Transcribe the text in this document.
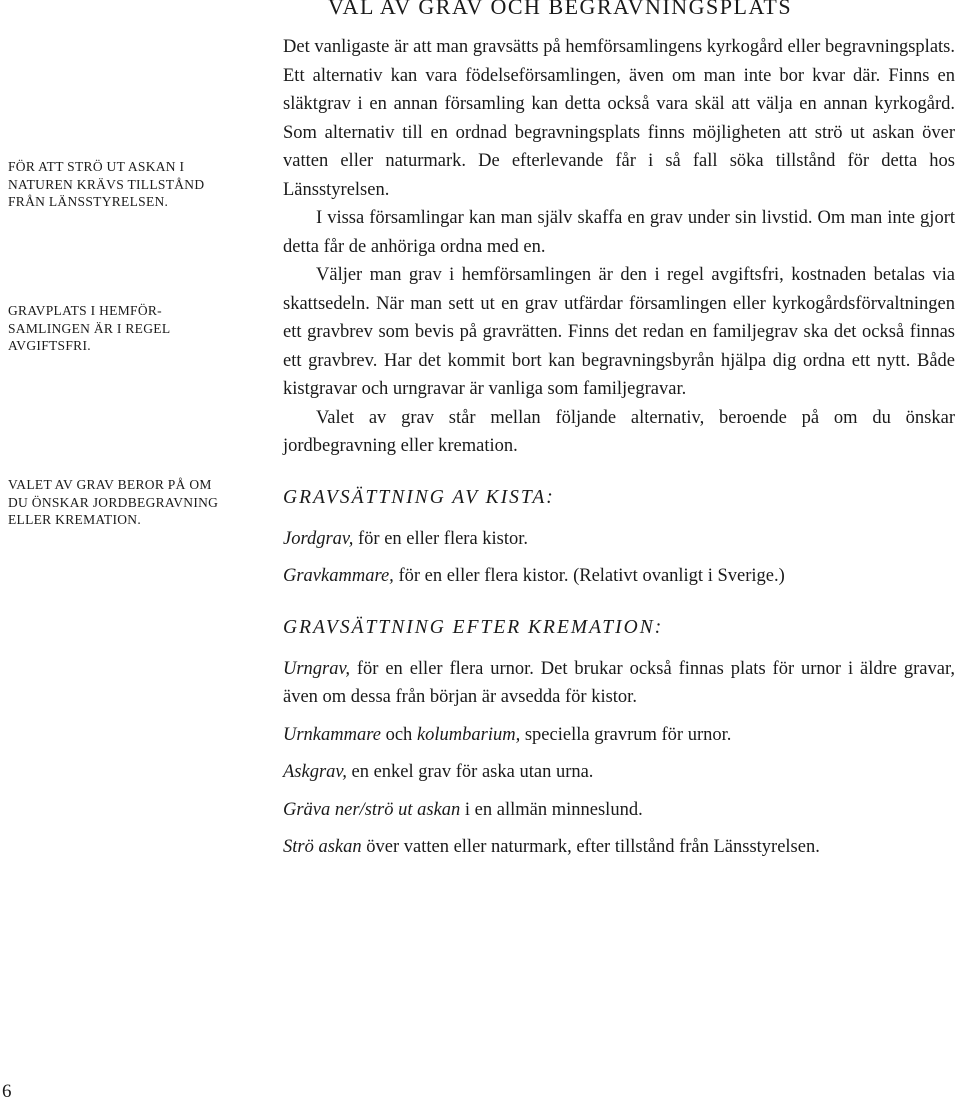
VAL AV GRAV OCH BEGRAVNINGSPLATS

FÖR ATT STRÖ UT ASKAN I NATUREN KRÄVS TILLSTÅND FRÅN LÄNSSTYRELSEN.

GRAVPLATS I HEMFÖR-SAMLINGEN ÄR I REGEL AVGIFTSFRI.

VALET AV GRAV BEROR PÅ OM DU ÖNSKAR JORDBEGRAVNING ELLER KREMATION.

Det vanligaste är att man gravsätts på hemförsamlingens kyrkogård eller begravningsplats. Ett alternativ kan vara födelseförsamlingen, även om man inte bor kvar där. Finns en släktgrav i en annan församling kan detta också vara skäl att välja en annan kyrkogård. Som alternativ till en ordnad begravningsplats finns möjligheten att strö ut askan över vatten eller naturmark. De efterlevande får i så fall söka tillstånd för detta hos Länsstyrelsen.

I vissa församlingar kan man själv skaffa en grav under sin livstid. Om man inte gjort detta får de anhöriga ordna med en.

Väljer man grav i hemförsamlingen är den i regel avgiftsfri, kostnaden betalas via skattsedeln. När man sett ut en grav utfärdar församlingen eller kyrkogårdsförvaltningen ett gravbrev som bevis på gravrätten. Finns det redan en familjegrav ska det också finnas ett gravbrev. Har det kommit bort kan begravningsbyrån hjälpa dig ordna ett nytt. Både kistgravar och urngravar är vanliga som familjegravar.

Valet av grav står mellan följande alternativ, beroende på om du önskar jordbegravning eller kremation.

GRAVSÄTTNING AV KISTA:

Jordgrav, för en eller flera kistor.

Gravkammare, för en eller flera kistor. (Relativt ovanligt i Sverige.)

GRAVSÄTTNING EFTER KREMATION:

Urngrav, för en eller flera urnor. Det brukar också finnas plats för urnor i äldre gravar, även om dessa från början är avsedda för kistor.

Urnkammare och kolumbarium, speciella gravrum för urnor.

Askgrav, en enkel grav för aska utan urna.

Gräva ner/strö ut askan i en allmän minneslund.

Strö askan över vatten eller naturmark, efter tillstånd från Länsstyrelsen.

6
